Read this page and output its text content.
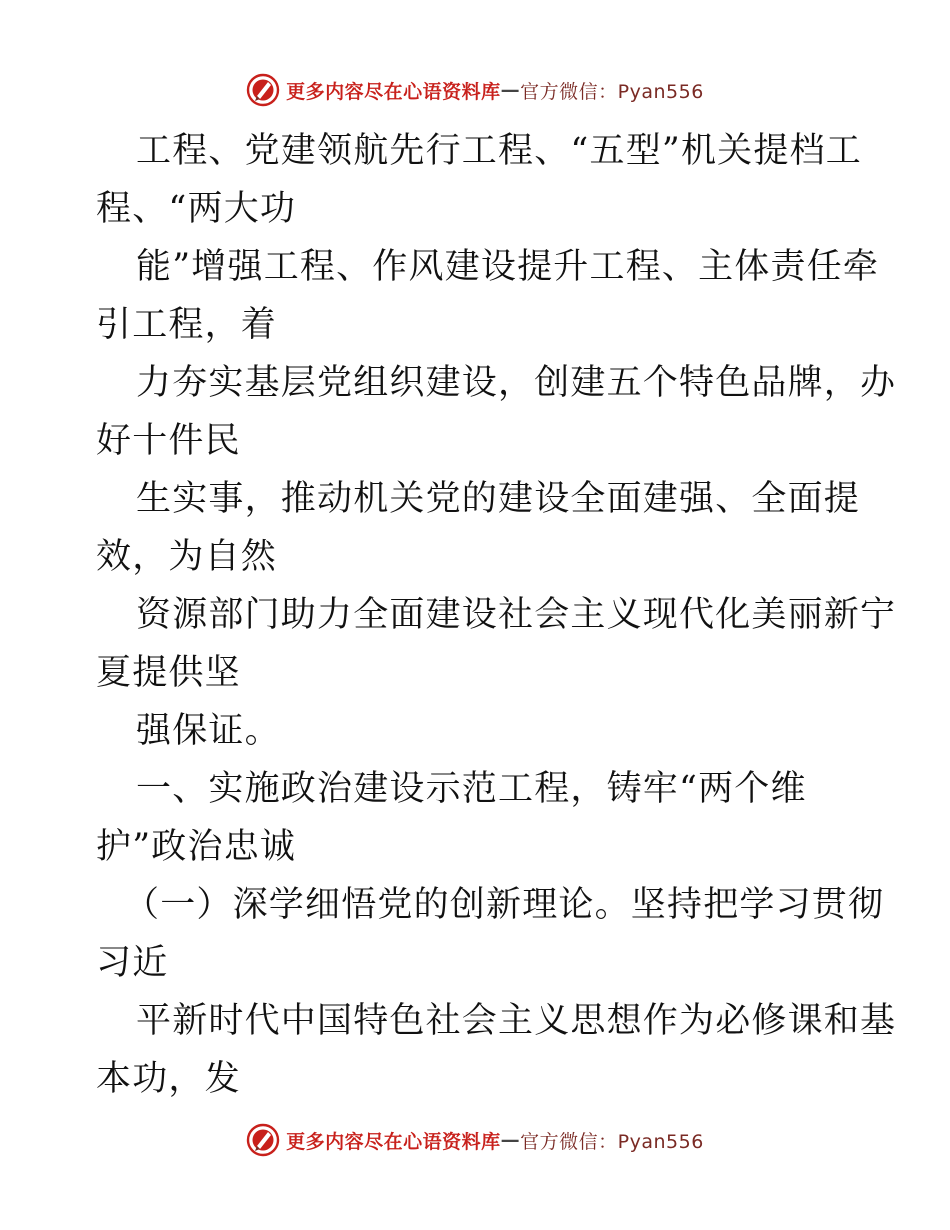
更多内容尽在心语资料库 — 官方微信：Pyan556
工程、党建领航先行工程、“五型”机关提档工
程、“两大功
能”增强工程、作风建设提升工程、主体责任牵
引工程，着
力夯实基层党组织建设，创建五个特色品牌，办
好十件民
生实事，推动机关党的建设全面建强、全面提
效，为自然
资源部门助力全面建设社会主义现代化美丽新宁
夏提供坚
强保证。
一、实施政治建设示范工程，铸牢“两个维
护”政治忠诚
（一）深学细悟党的创新理论。坚持把学习贯彻
习近
平新时代中国特色社会主义思想作为必修课和基
本功，发
更多内容尽在心语资料库 — 官方微信：Pyan556
